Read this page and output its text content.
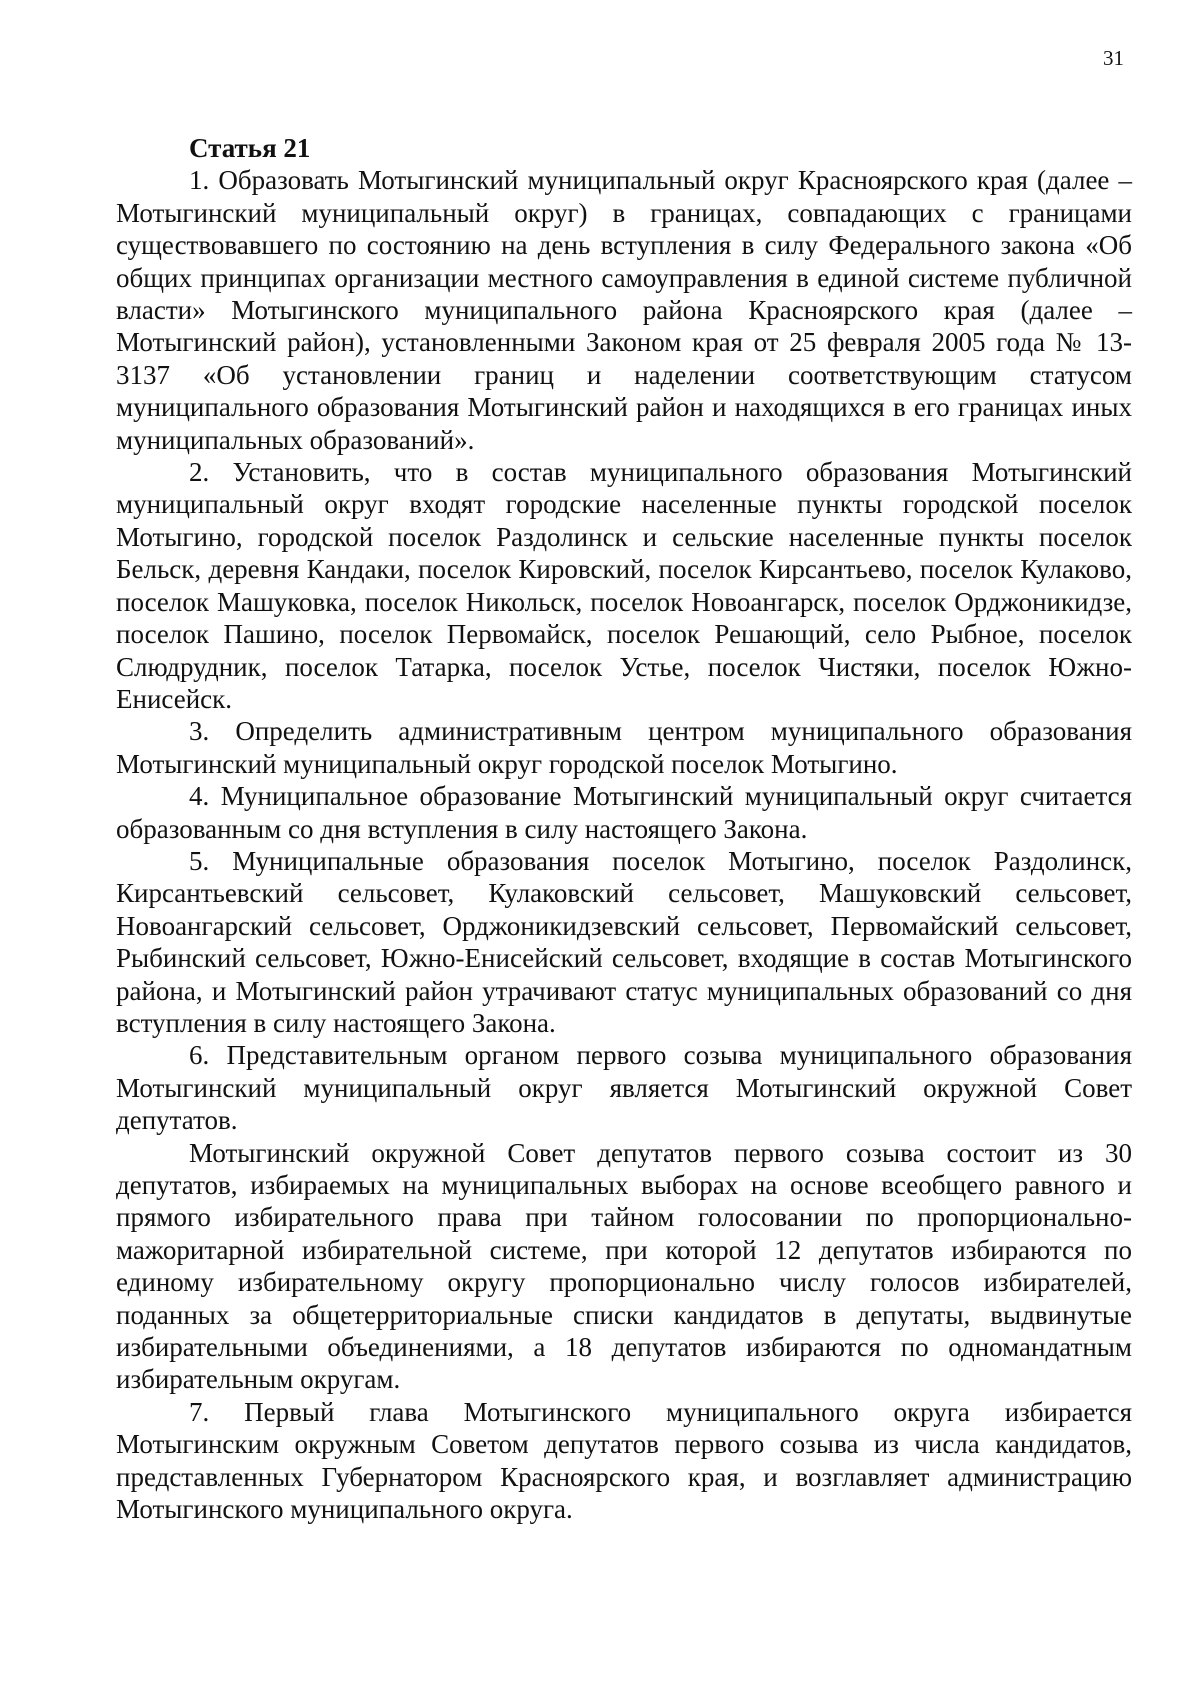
31

Статья 21

1. Образовать Мотыгинский муниципальный округ Красноярского края (далее – Мотыгинский муниципальный округ) в границах, совпадающих с границами существовавшего по состоянию на день вступления в силу Федерального закона «Об общих принципах организации местного самоуправления в единой системе публичной власти» Мотыгинского муниципального района Красноярского края (далее – Мотыгинский район), установленными Законом края от 25 февраля 2005 года № 13-3137 «Об установлении границ и наделении соответствующим статусом муниципального образования Мотыгинский район и находящихся в его границах иных муниципальных образований».

2. Установить, что в состав муниципального образования Мотыгинский муниципальный округ входят городские населенные пункты городской поселок Мотыгино, городской поселок Раздолинск и сельские населенные пункты поселок Бельск, деревня Кандаки, поселок Кировский, поселок Кирсантьево, поселок Кулаково, поселок Машуковка, поселок Никольск, поселок Новоангарск, поселок Орджоникидзе, поселок Пашино, поселок Первомайск, поселок Решающий, село Рыбное, поселок Слюдрудник, поселок Татарка, поселок Устье, поселок Чистяки, поселок Южно-Енисейск.

3. Определить административным центром муниципального образования Мотыгинский муниципальный округ городской поселок Мотыгино.

4. Муниципальное образование Мотыгинский муниципальный округ считается образованным со дня вступления в силу настоящего Закона.

5. Муниципальные образования поселок Мотыгино, поселок Раздолинск, Кирсантьевский сельсовет, Кулаковский сельсовет, Машуковский сельсовет, Новоангарский сельсовет, Орджоникидзевский сельсовет, Первомайский сельсовет, Рыбинский сельсовет, Южно-Енисейский сельсовет, входящие в состав Мотыгинского района, и Мотыгинский район утрачивают статус муниципальных образований со дня вступления в силу настоящего Закона.

6. Представительным органом первого созыва муниципального образования Мотыгинский муниципальный округ является Мотыгинский окружной Совет депутатов.

Мотыгинский окружной Совет депутатов первого созыва состоит из 30 депутатов, избираемых на муниципальных выборах на основе всеобщего равного и прямого избирательного права при тайном голосовании по пропорционально-мажоритарной избирательной системе, при которой 12 депутатов избираются по единому избирательному округу пропорционально числу голосов избирателей, поданных за общетерриториальные списки кандидатов в депутаты, выдвинутые избирательными объединениями, а 18 депутатов избираются по одномандатным избирательным округам.

7. Первый глава Мотыгинского муниципального округа избирается Мотыгинским окружным Советом депутатов первого созыва из числа кандидатов, представленных Губернатором Красноярского края, и возглавляет администрацию Мотыгинского муниципального округа.
